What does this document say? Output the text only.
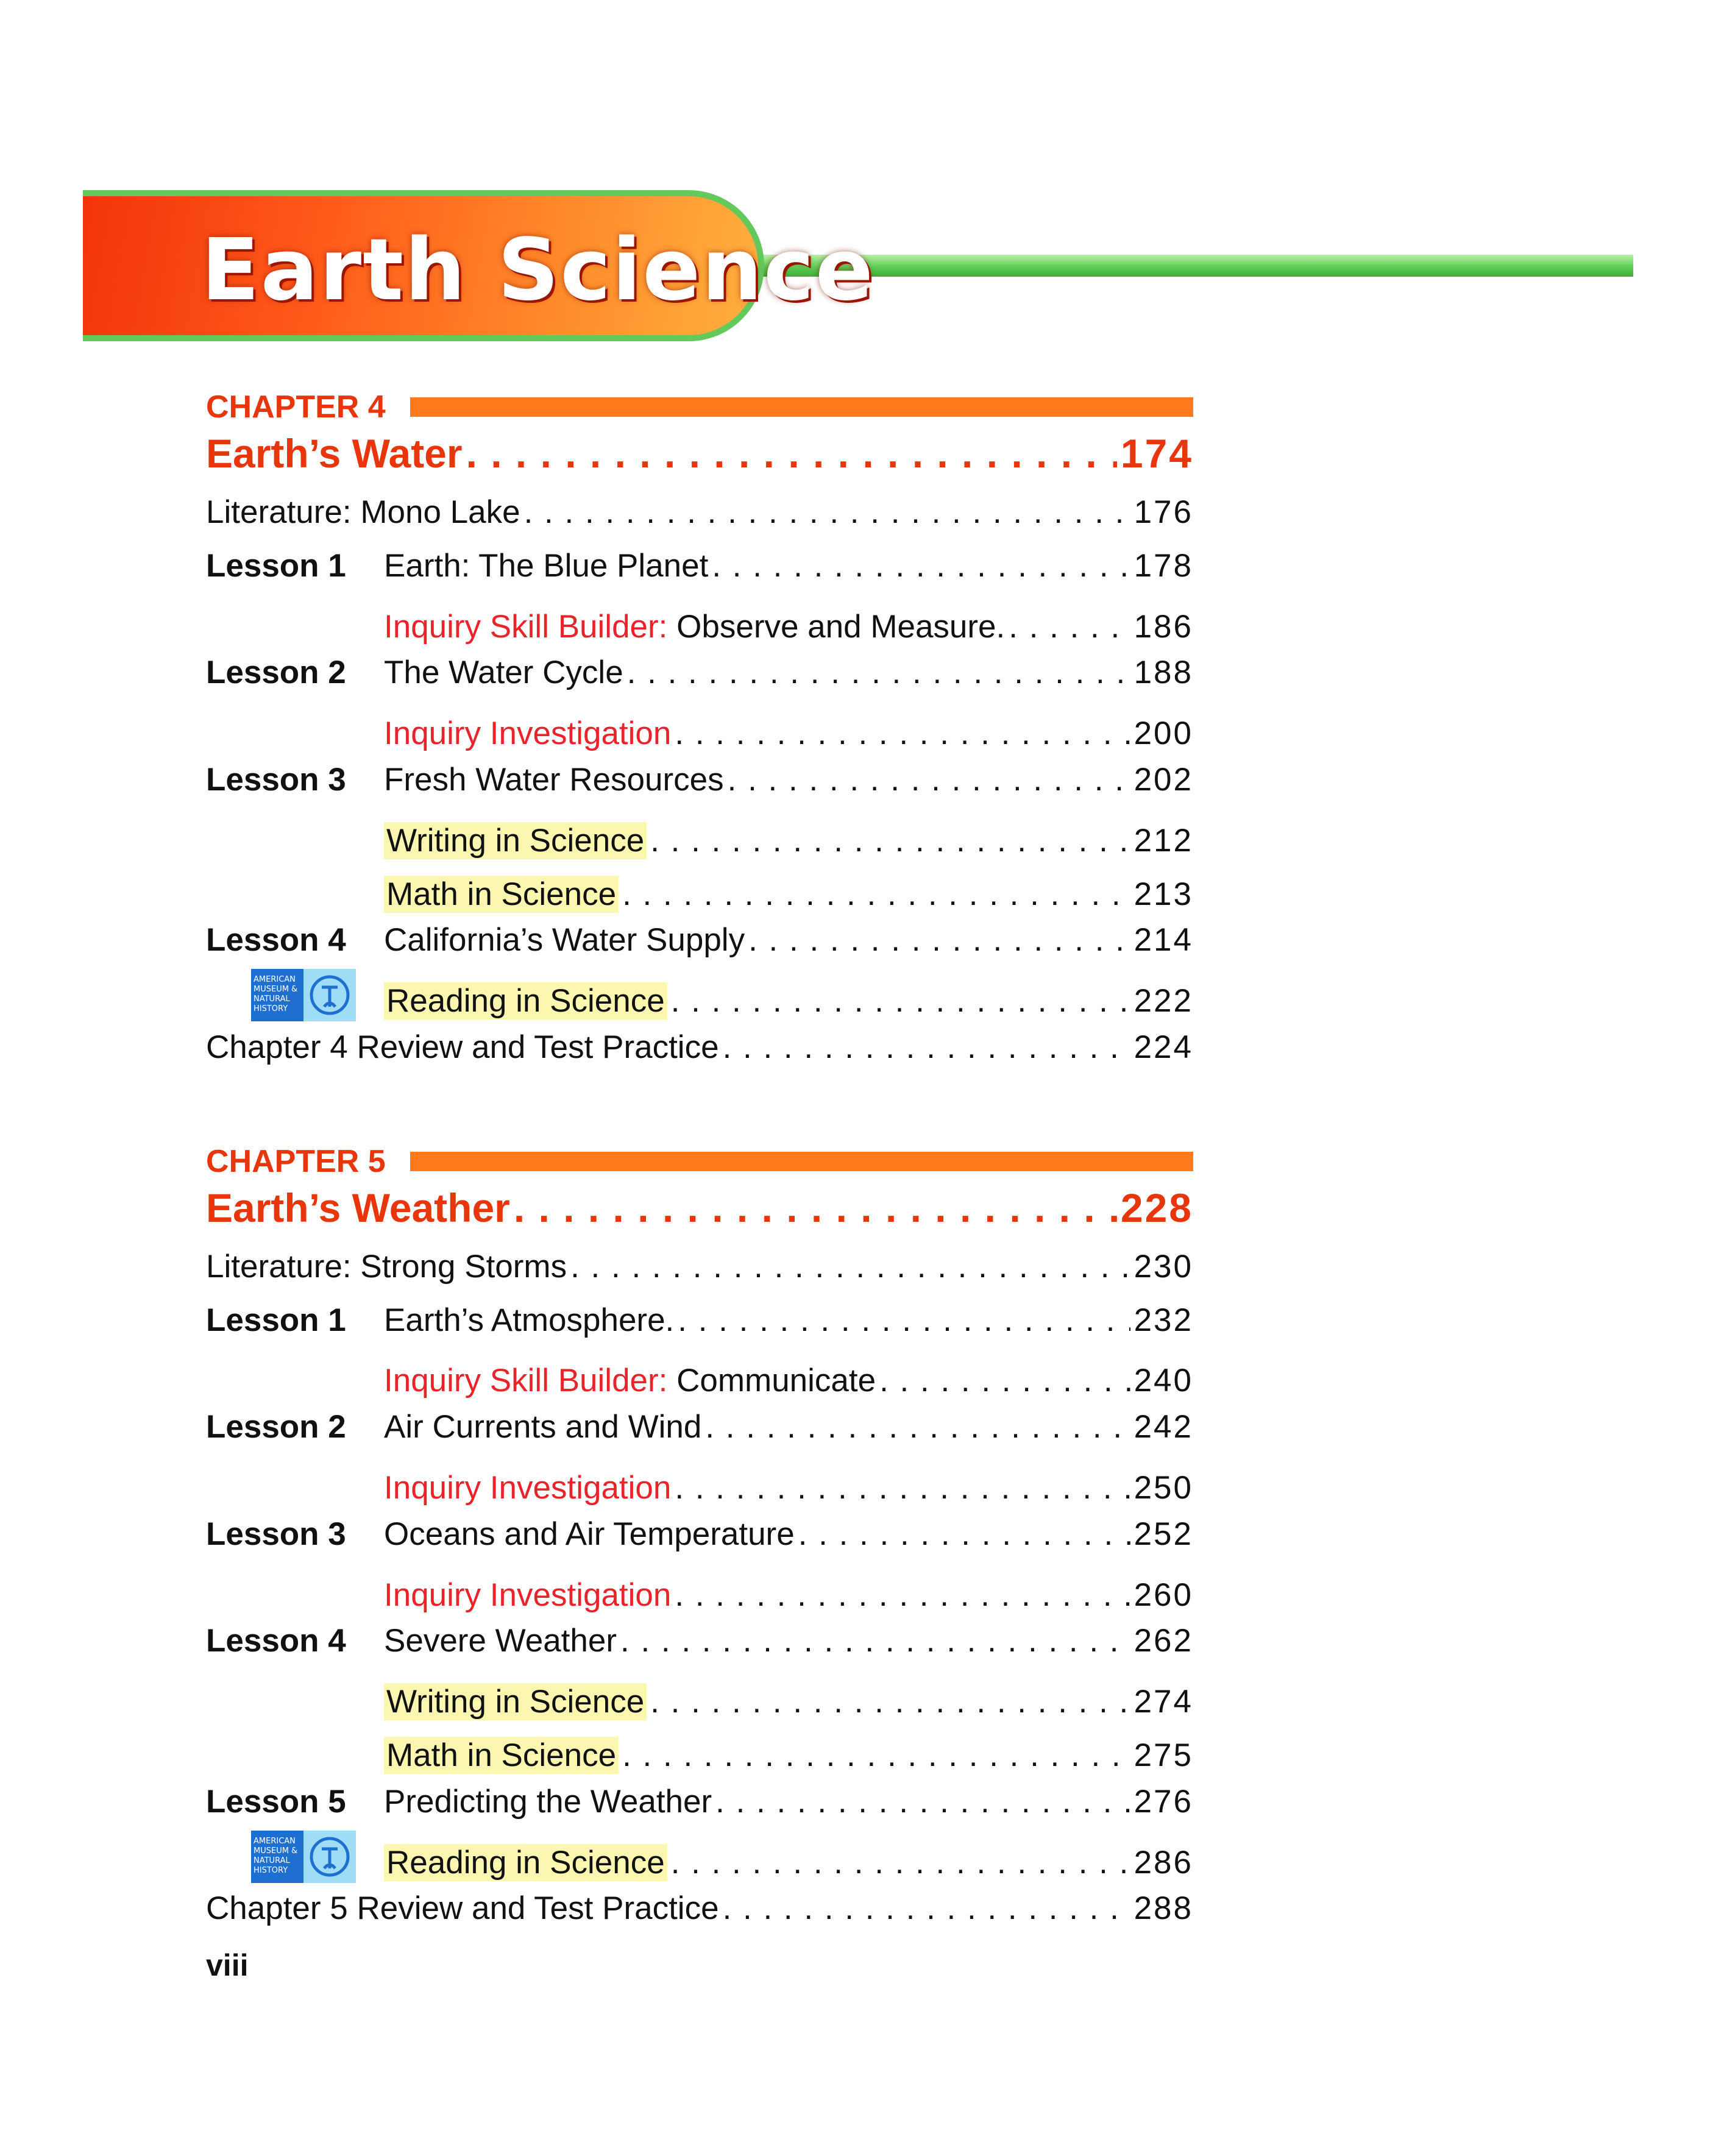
Earth Science
CHAPTER 4
Earth’s Water . . .	174
Literature: Mono Lake . . .	176
Lesson 1	Earth: The Blue Planet . . .	178
Inquiry Skill Builder: Observe and Measure. . . .	186
Lesson 2	The Water Cycle . . .	188
Inquiry Investigation . . .	200
Lesson 3	Fresh Water Resources . . .	202
Writing in Science . . .	212
Math in Science . . .	213
Lesson 4	California’s Water Supply . . .	214
AMERICAN MUSEUM & NATURAL HISTORY	Reading in Science . . .	222
Chapter 4 Review and Test Practice . . .	224
CHAPTER 5
Earth’s Weather . . .	228
Literature: Strong Storms . . .	230
Lesson 1	Earth’s Atmosphere. . . .	232
Inquiry Skill Builder: Communicate . . .	240
Lesson 2	Air Currents and Wind . . .	242
Inquiry Investigation . . .	250
Lesson 3	Oceans and Air Temperature . . .	252
Inquiry Investigation . . .	260
Lesson 4	Severe Weather . . .	262
Writing in Science . . .	274
Math in Science . . .	275
Lesson 5	Predicting the Weather . . .	276
AMERICAN MUSEUM & NATURAL HISTORY	Reading in Science . . .	286
Chapter 5 Review and Test Practice . . .	288
viii
